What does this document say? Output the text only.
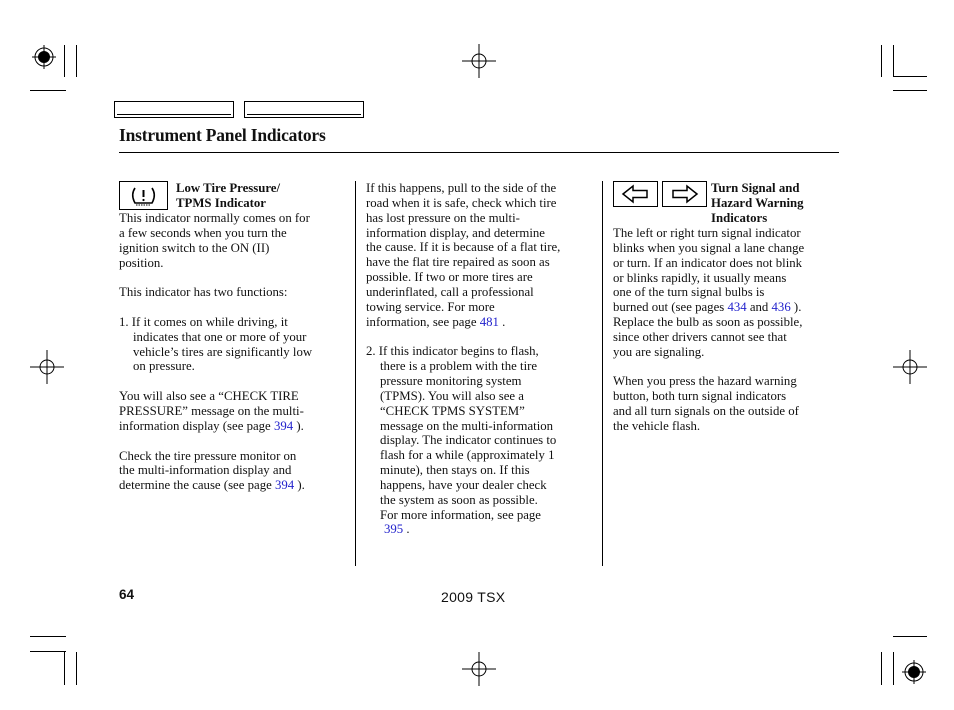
Instrument Panel Indicators
Low Tire Pressure/
TPMS Indicator

This indicator normally comes on for

a few seconds when you turn the

ignition switch to the ON (II)

position.

This indicator has two functions:

1. If it comes on while driving, it

indicates that one or more of your

vehicle’s tires are significantly low

on pressure.

You will also see a “CHECK TIRE

PRESSURE” message on the multi-

information display (see page 394 ).

Check the tire pressure monitor on

the multi-information display and

determine the cause (see page 394 ).

If this happens, pull to the side of the

road when it is safe, check which tire

has lost pressure on the multi-

information display, and determine

the cause. If it is because of a flat tire,

have the flat tire repaired as soon as

possible. If two or more tires are

underinflated, call a professional

towing service. For more

information, see page 481 .

2. If this indicator begins to flash,

there is a problem with the tire

pressure monitoring system

(TPMS). You will also see a

“CHECK TPMS SYSTEM”

message on the multi-information

display. The indicator continues to

flash for a while (approximately 1

minute), then stays on. If this

happens, have your dealer check

the system as soon as possible.

For more information, see page

395 .

Turn Signal and
Hazard Warning
Indicators

The left or right turn signal indicator

blinks when you signal a lane change

or turn. If an indicator does not blink

or blinks rapidly, it usually means

one of the turn signal bulbs is

burned out (see pages 434 and 436 ).

Replace the bulb as soon as possible,

since other drivers cannot see that

you are signaling.

When you press the hazard warning

button, both turn signal indicators

and all turn signals on the outside of

the vehicle flash.

64	2009 TSX
